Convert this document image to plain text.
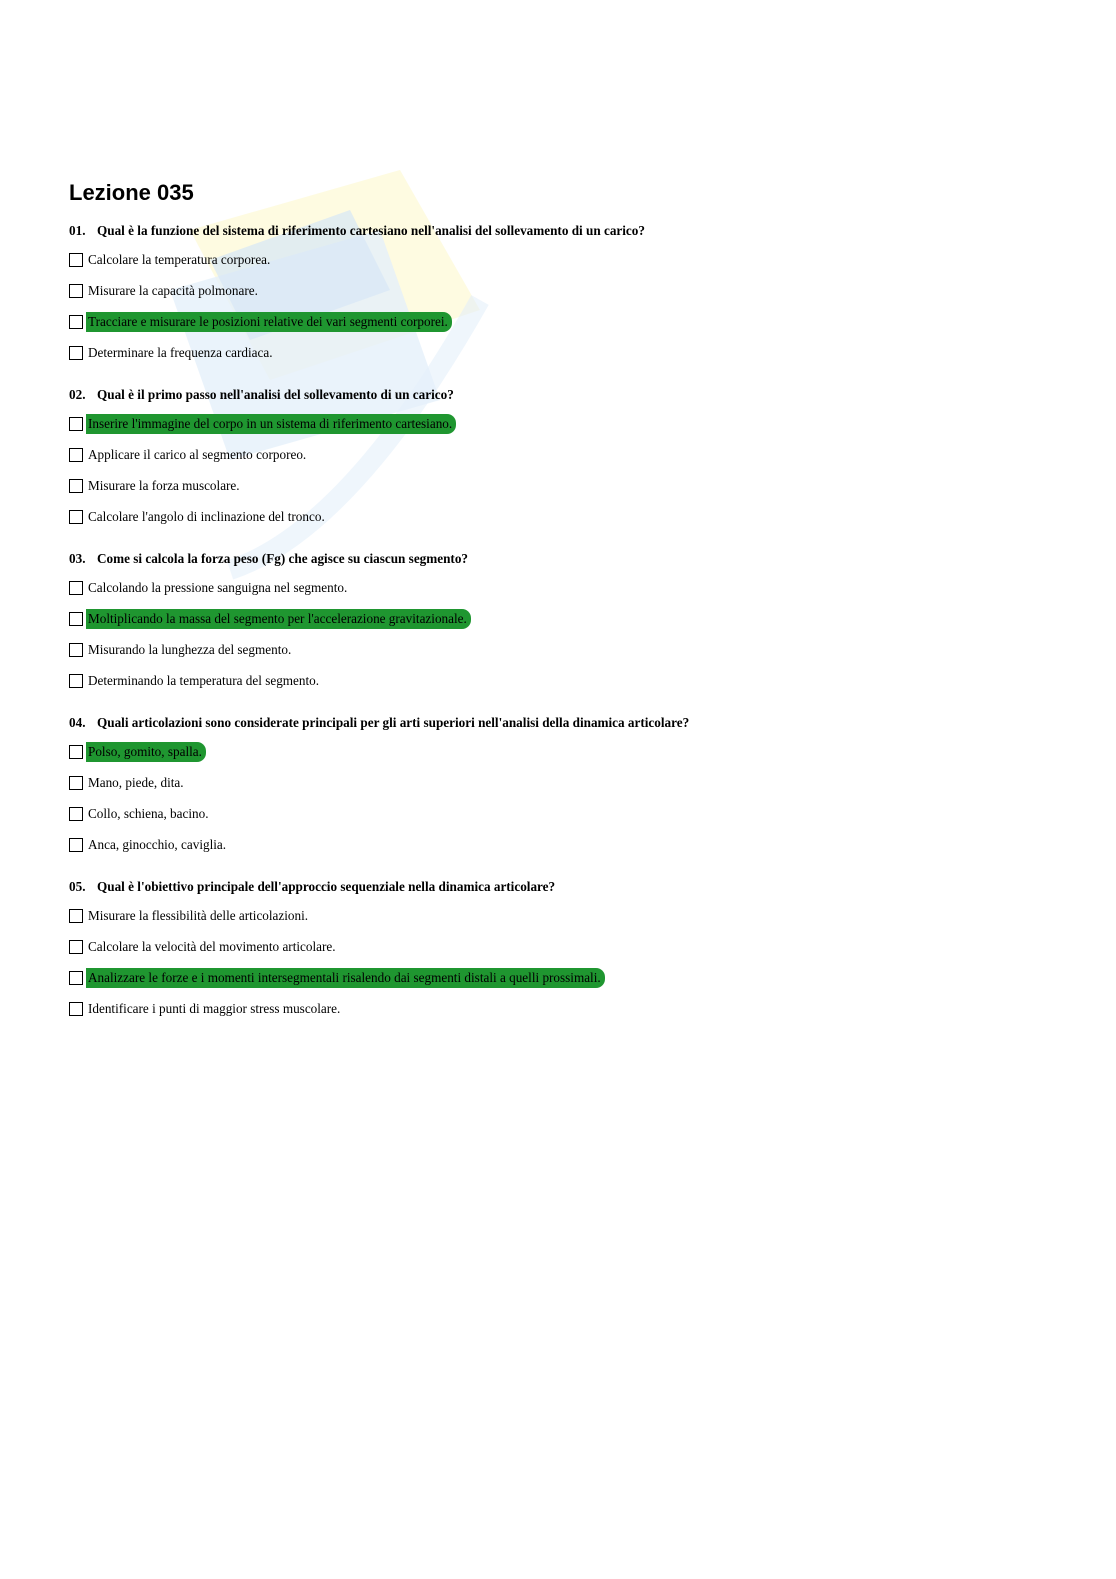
Lezione 035
01. Qual è la funzione del sistema di riferimento cartesiano nell'analisi del sollevamento di un carico?
Calcolare la temperatura corporea.
Misurare la capacità polmonare.
Tracciare e misurare le posizioni relative dei vari segmenti corporei.
Determinare la frequenza cardiaca.
02. Qual è il primo passo nell'analisi del sollevamento di un carico?
Inserire l'immagine del corpo in un sistema di riferimento cartesiano.
Applicare il carico al segmento corporeo.
Misurare la forza muscolare.
Calcolare l'angolo di inclinazione del tronco.
03. Come si calcola la forza peso (Fg) che agisce su ciascun segmento?
Calcolando la pressione sanguigna nel segmento.
Moltiplicando la massa del segmento per l'accelerazione gravitazionale.
Misurando la lunghezza del segmento.
Determinando la temperatura del segmento.
04. Quali articolazioni sono considerate principali per gli arti superiori nell'analisi della dinamica articolare?
Polso, gomito, spalla.
Mano, piede, dita.
Collo, schiena, bacino.
Anca, ginocchio, caviglia.
05. Qual è l'obiettivo principale dell'approccio sequenziale nella dinamica articolare?
Misurare la flessibilità delle articolazioni.
Calcolare la velocità del movimento articolare.
Analizzare le forze e i momenti intersegmentali risalendo dai segmenti distali a quelli prossimali.
Identificare i punti di maggior stress muscolare.
